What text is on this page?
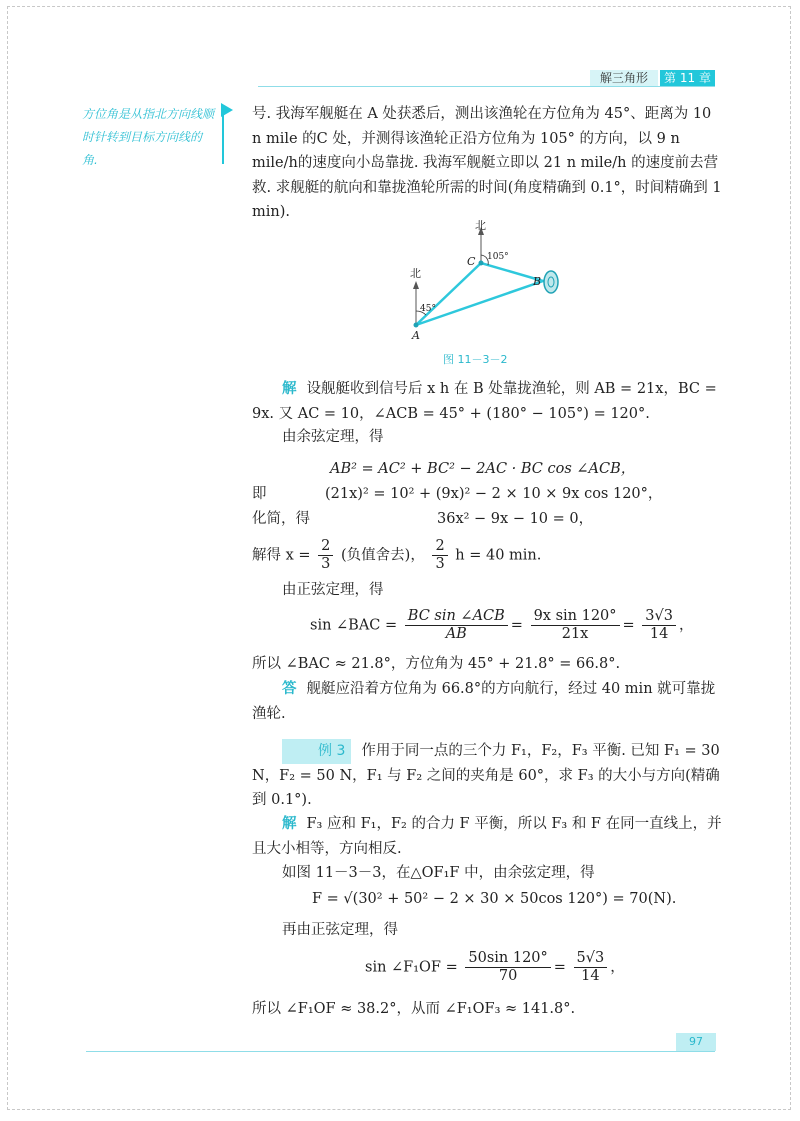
解三角形	第 11 章
方位角是从指北方向线顺时针转到目标方向线的角.
号. 我海军舰艇在 A 处获悉后，测出该渔轮在方位角为 45°、距离为 10 n mile 的C 处，并测得该渔轮正沿方位角为 105° 的方向，以 9 n mile/h的速度向小岛靠拢. 我海军舰艇立即以 21 n mile/h 的速度前去营救. 求舰艇的航向和靠拢渔轮所需的时间(角度精确到 0.1°，时间精确到 1 min).
北
北
105°
45°
A
B
C
图 11－3－2
解 设舰艇收到信号后 x h 在 B 处靠拢渔轮，则 AB = 21x，BC = 9x. 又 AC = 10，∠ACB = 45° + (180° − 105°) = 120°.
由余弦定理，得
AB² = AC² + BC² − 2AC · BC cos ∠ACB，
即	(21x)² = 10² + (9x)² − 2 × 10 × 9x cos 120°，
化简，得	36x² − 9x − 10 = 0，
解得 $x = \frac{2}{3}$ (负值舍去)， $\frac{2}{3}$ h = 40 min.
由正弦定理，得
sin ∠BAC = $\frac{\text{BC sin ∠ACB}}{AB} = \frac{\text{9x sin 120°}}{21x} = \frac{3√3}{14}$ ，
所以 ∠BAC ≈ 21.8°，方位角为 45° + 21.8° = 66.8°.
答 舰艇应沿着方位角为 66.8°的方向航行，经过 40 min 就可靠拢渔轮.
例 3 作用于同一点的三个力 F₁，F₂，F₃ 平衡. 已知 F₁ = 30 N，F₂ = 50 N，F₁ 与 F₂ 之间的夹角是 60°，求 F₃ 的大小与方向(精确到 0.1°).
解 F₃ 应和 F₁，F₂ 的合力 F 平衡，所以 F₃ 和 F 在同一直线上，并且大小相等，方向相反.
如图 11－3－3，在△OF₁F 中，由余弦定理，得
F = √(30² + 50² − 2 × 30 × 50cos 120°) = 70(N).
再由正弦定理，得
sin ∠F₁OF = $\frac{50\sin 120^\circ}{70} = \frac{5√3}{14}$ ，
所以 ∠F₁OF ≈ 38.2°，从而 ∠F₁OF₃ ≈ 141.8°.
97
